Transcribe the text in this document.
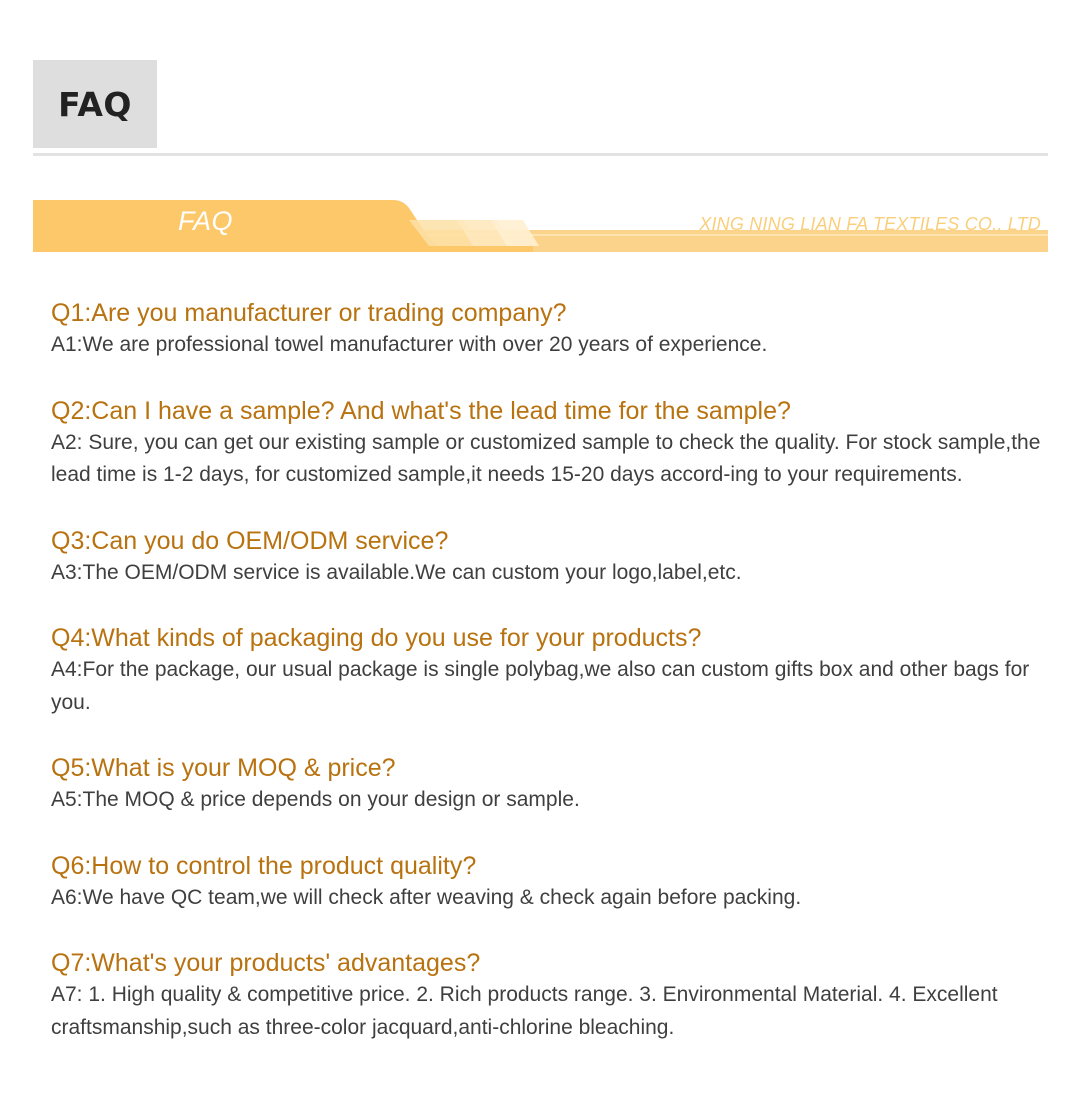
FAQ
FAQ	XING NING LIAN FA TEXTILES CO., LTD

Q1:Are you manufacturer or trading company?

A1:We are professional towel manufacturer with over 20 years of experience.

Q2:Can I have a sample? And what's the lead time for the sample?

A2: Sure, you can get our existing sample or customized sample to check the quality. For stock sample,the lead time is 1-2 days, for customized sample,it needs 15-20 days accord-ing to your requirements.

Q3:Can you do OEM/ODM service?

A3:The OEM/ODM service is available.We can custom your logo,label,etc.

Q4:What kinds of packaging do you use for your products?

A4:For the package, our usual package is single polybag,we also can custom gifts box and other bags for you.

Q5:What is your MOQ & price?

A5:The MOQ & price depends on your design or sample.

Q6:How to control the product quality?

A6:We have QC team,we will check after weaving & check again before packing.

Q7:What's your products' advantages?

A7: 1. High quality & competitive price. 2. Rich products range. 3. Environmental Material. 4. Excellent craftsmanship,such as three-color jacquard,anti-chlorine bleaching.
